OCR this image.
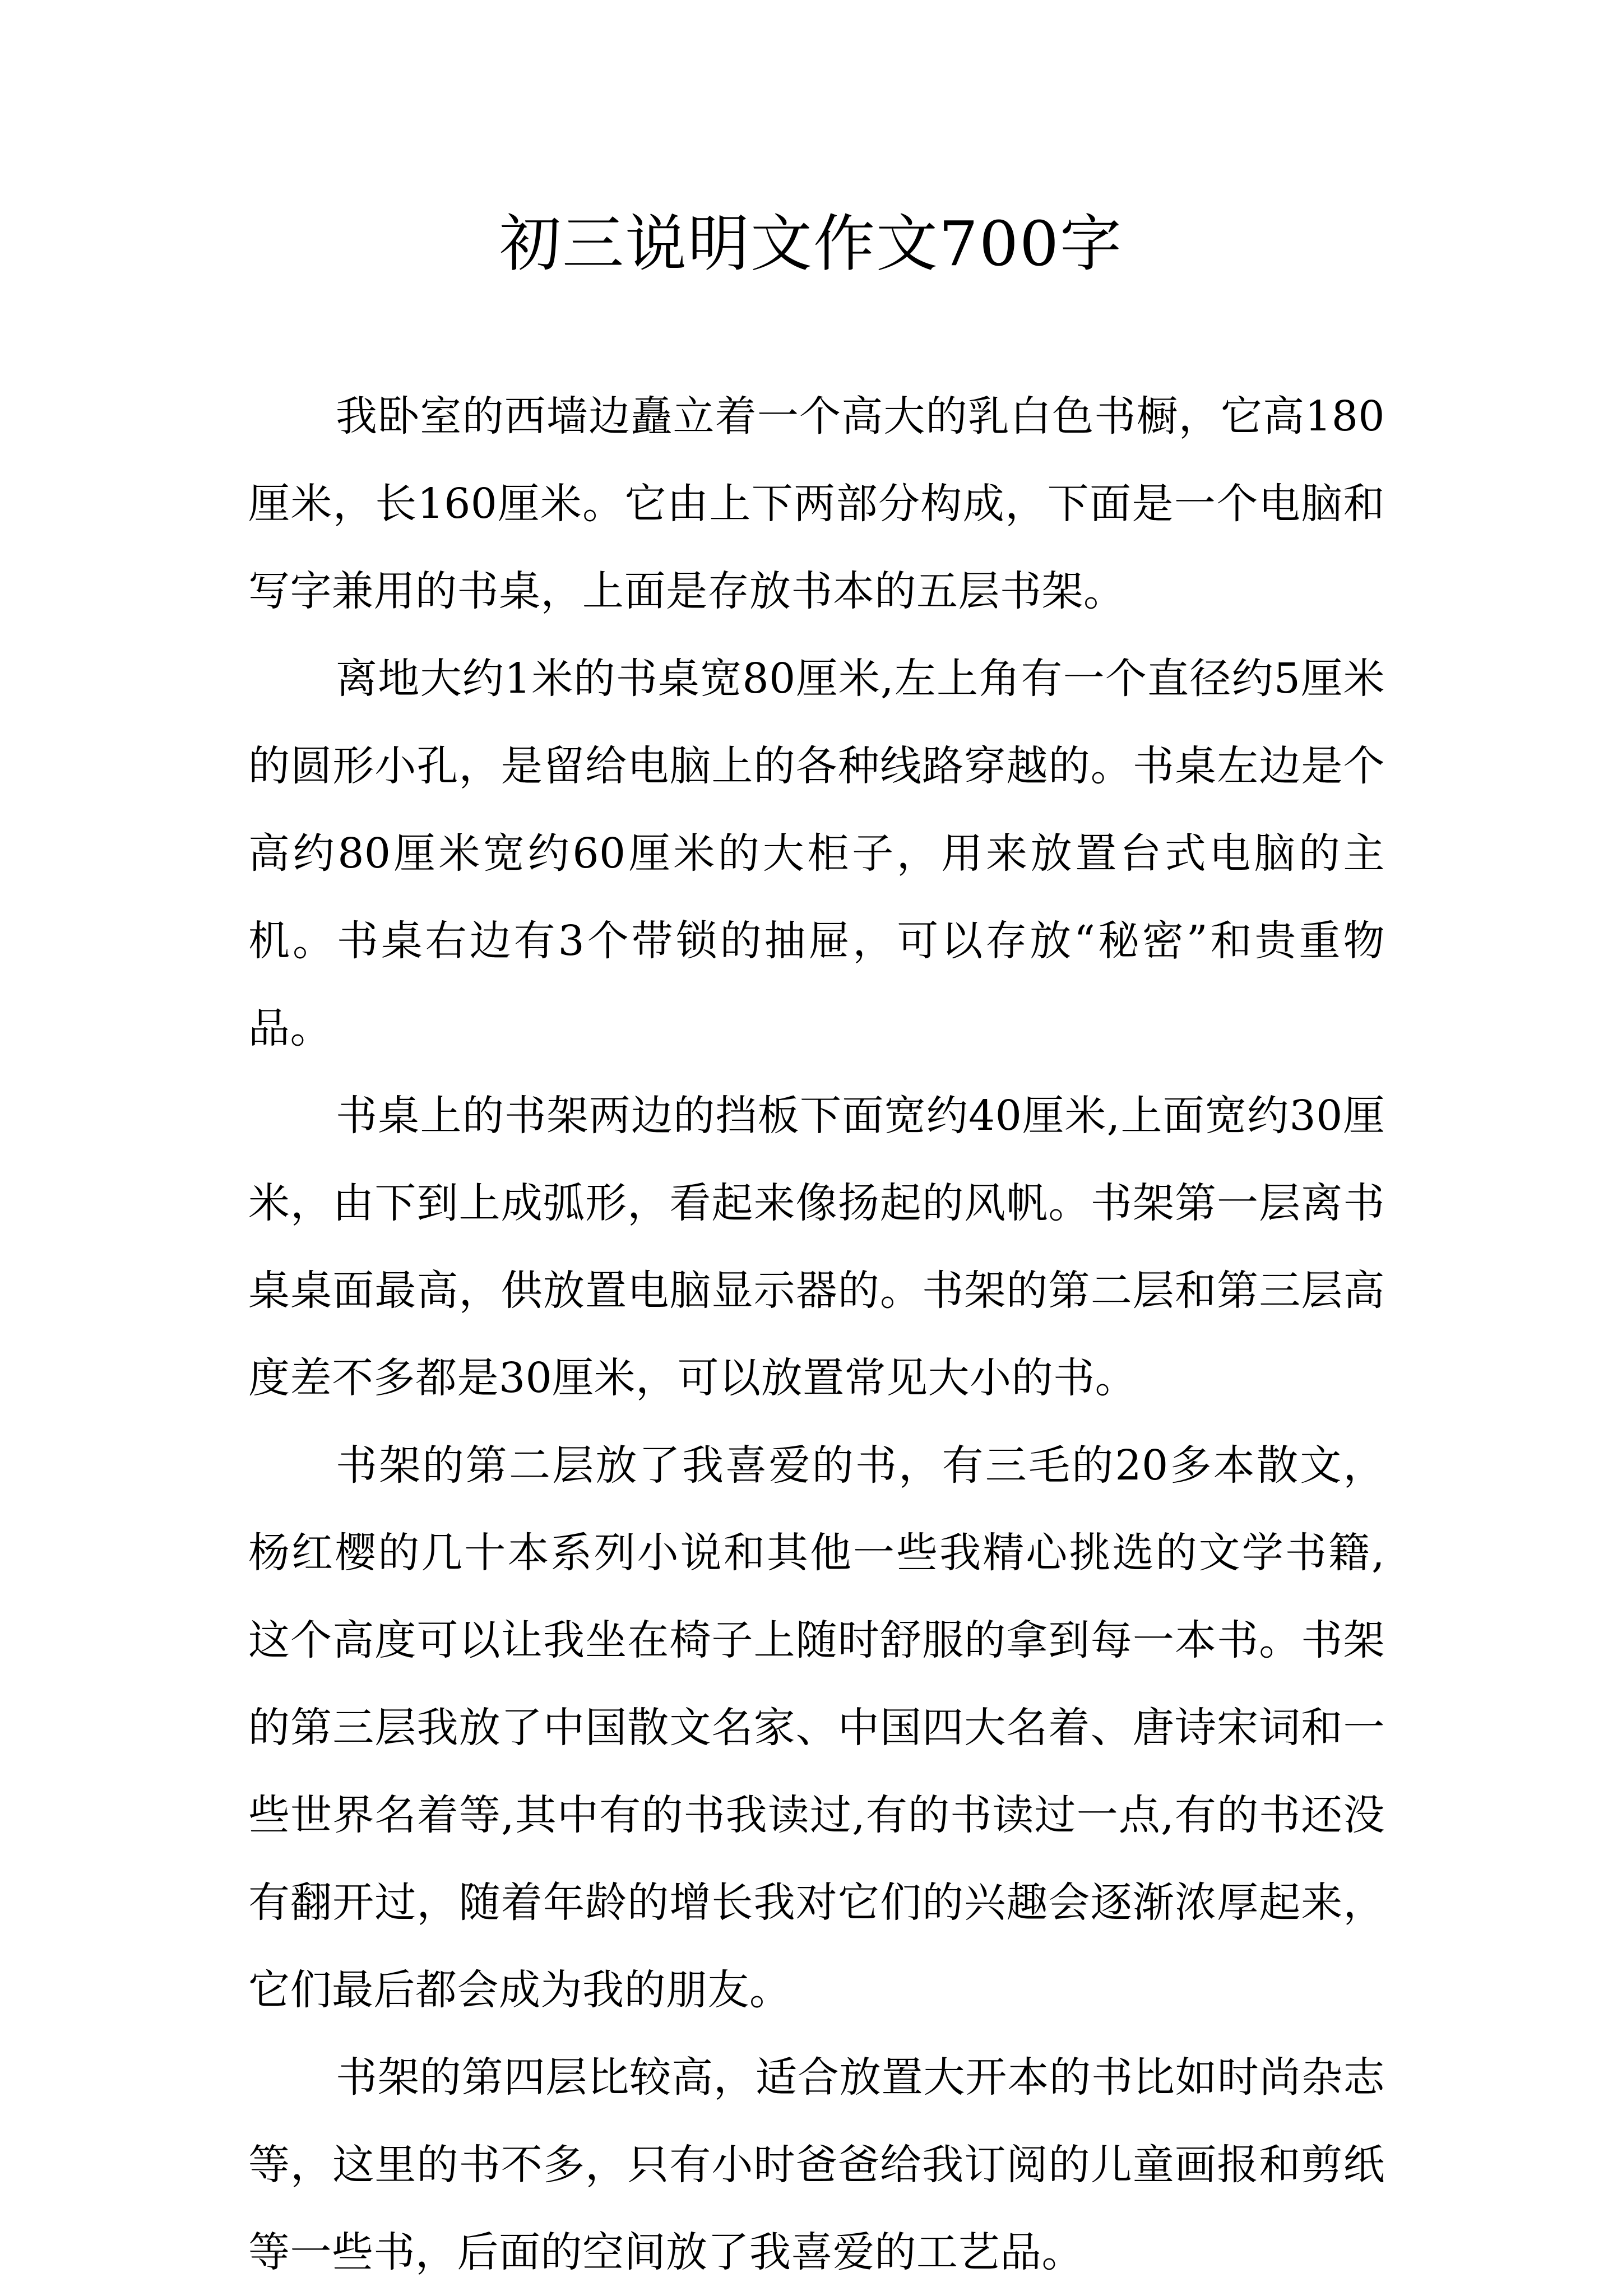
初三说明文作文700字

我卧室的西墙边矗立着一个高大的乳白色书橱，它高180厘米，长160厘米。它由上下两部分构成，下面是一个电脑和写字兼用的书桌，上面是存放书本的五层书架。

离地大约1米的书桌宽80厘米,左上角有一个直径约5厘米的圆形小孔，是留给电脑上的各种线路穿越的。书桌左边是个高约80厘米宽约60厘米的大柜子，用来放置台式电脑的主机。书桌右边有3个带锁的抽屉，可以存放“秘密”和贵重物品。

书桌上的书架两边的挡板下面宽约40厘米,上面宽约30厘米，由下到上成弧形，看起来像扬起的风帆。书架第一层离书桌桌面最高，供放置电脑显示器的。书架的第二层和第三层高度差不多都是30厘米，可以放置常见大小的书。

书架的第二层放了我喜爱的书，有三毛的20多本散文，杨红樱的几十本系列小说和其他一些我精心挑选的文学书籍,这个高度可以让我坐在椅子上随时舒服的拿到每一本书。书架的第三层我放了中国散文名家、中国四大名着、唐诗宋词和一些世界名着等,其中有的书我读过,有的书读过一点,有的书还没有翻开过，随着年龄的增长我对它们的兴趣会逐渐浓厚起来，它们最后都会成为我的朋友。

书架的第四层比较高，适合放置大开本的书比如时尚杂志等，这里的书不多，只有小时爸爸给我订阅的儿童画报和剪纸等一些书，后面的空间放了我喜爱的工艺品。
